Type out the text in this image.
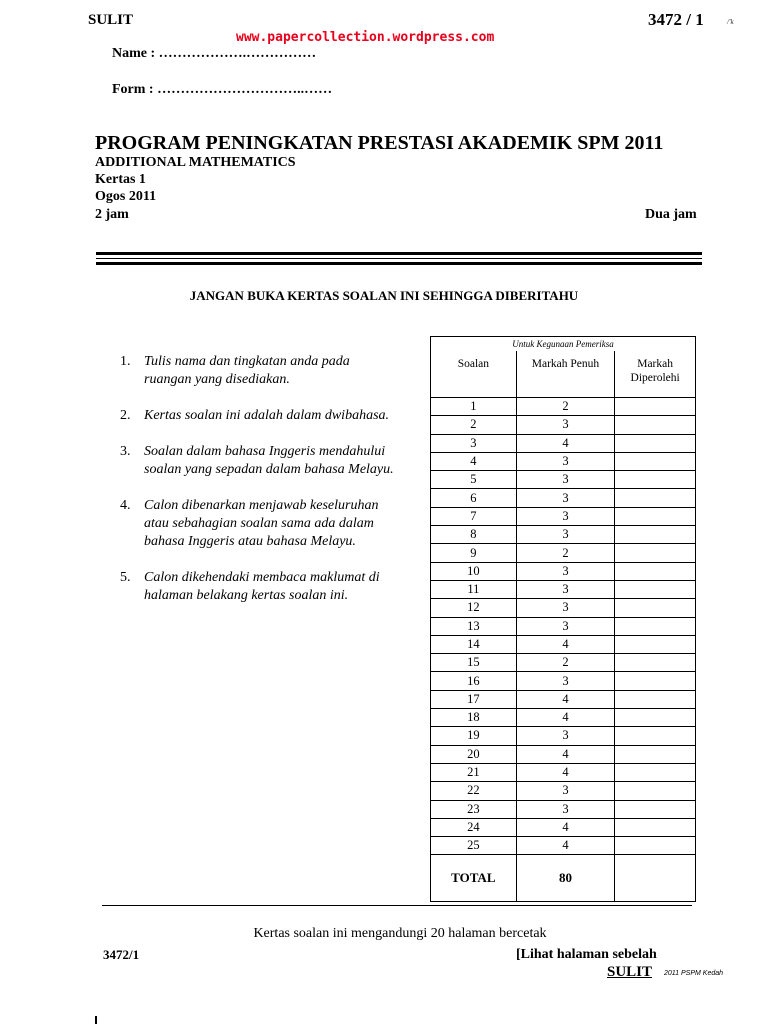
SULIT	3472 / 1	/'k
www.papercollection.wordpress.com
Name : ……………….……………
Form : …………………………..……
PROGRAM PENINGKATAN PRESTASI AKADEMIK SPM 2011
ADDITIONAL MATHEMATICS
Kertas 1
Ogos 2011
2 jam	Dua jam
JANGAN BUKA KERTAS SOALAN INI SEHINGGA DIBERITAHU
1. Tulis nama dan tingkatan anda pada ruangan yang disediakan.
2. Kertas soalan ini adalah dalam dwibahasa.
3. Soalan dalam bahasa Inggeris mendahului soalan yang sepadan dalam bahasa Melayu.
4. Calon dibenarkan menjawab keseluruhan atau sebahagian soalan sama ada dalam bahasa Inggeris atau bahasa Melayu.
5. Calon dikehendaki membaca maklumat di halaman belakang kertas soalan ini.
Untuk Kegunaan Pemeriksa		
Soalan	Markah Penuh	Markah Diperolehi
1	2	
2	3	
3	4	
4	3	
5	3	
6	3	
7	3	
8	3	
9	2	
10	3	
11	3	
12	3	
13	3	
14	4	
15	2	
16	3	
17	4	
18	4	
19	3	
20	4	
21	4	
22	3	
23	3	
24	4	
25	4	
TOTAL	80	
Kertas soalan ini mengandungi 20 halaman bercetak
3472/1	[Lihat halaman sebelah
SULIT 2011 PSPM Kedah
